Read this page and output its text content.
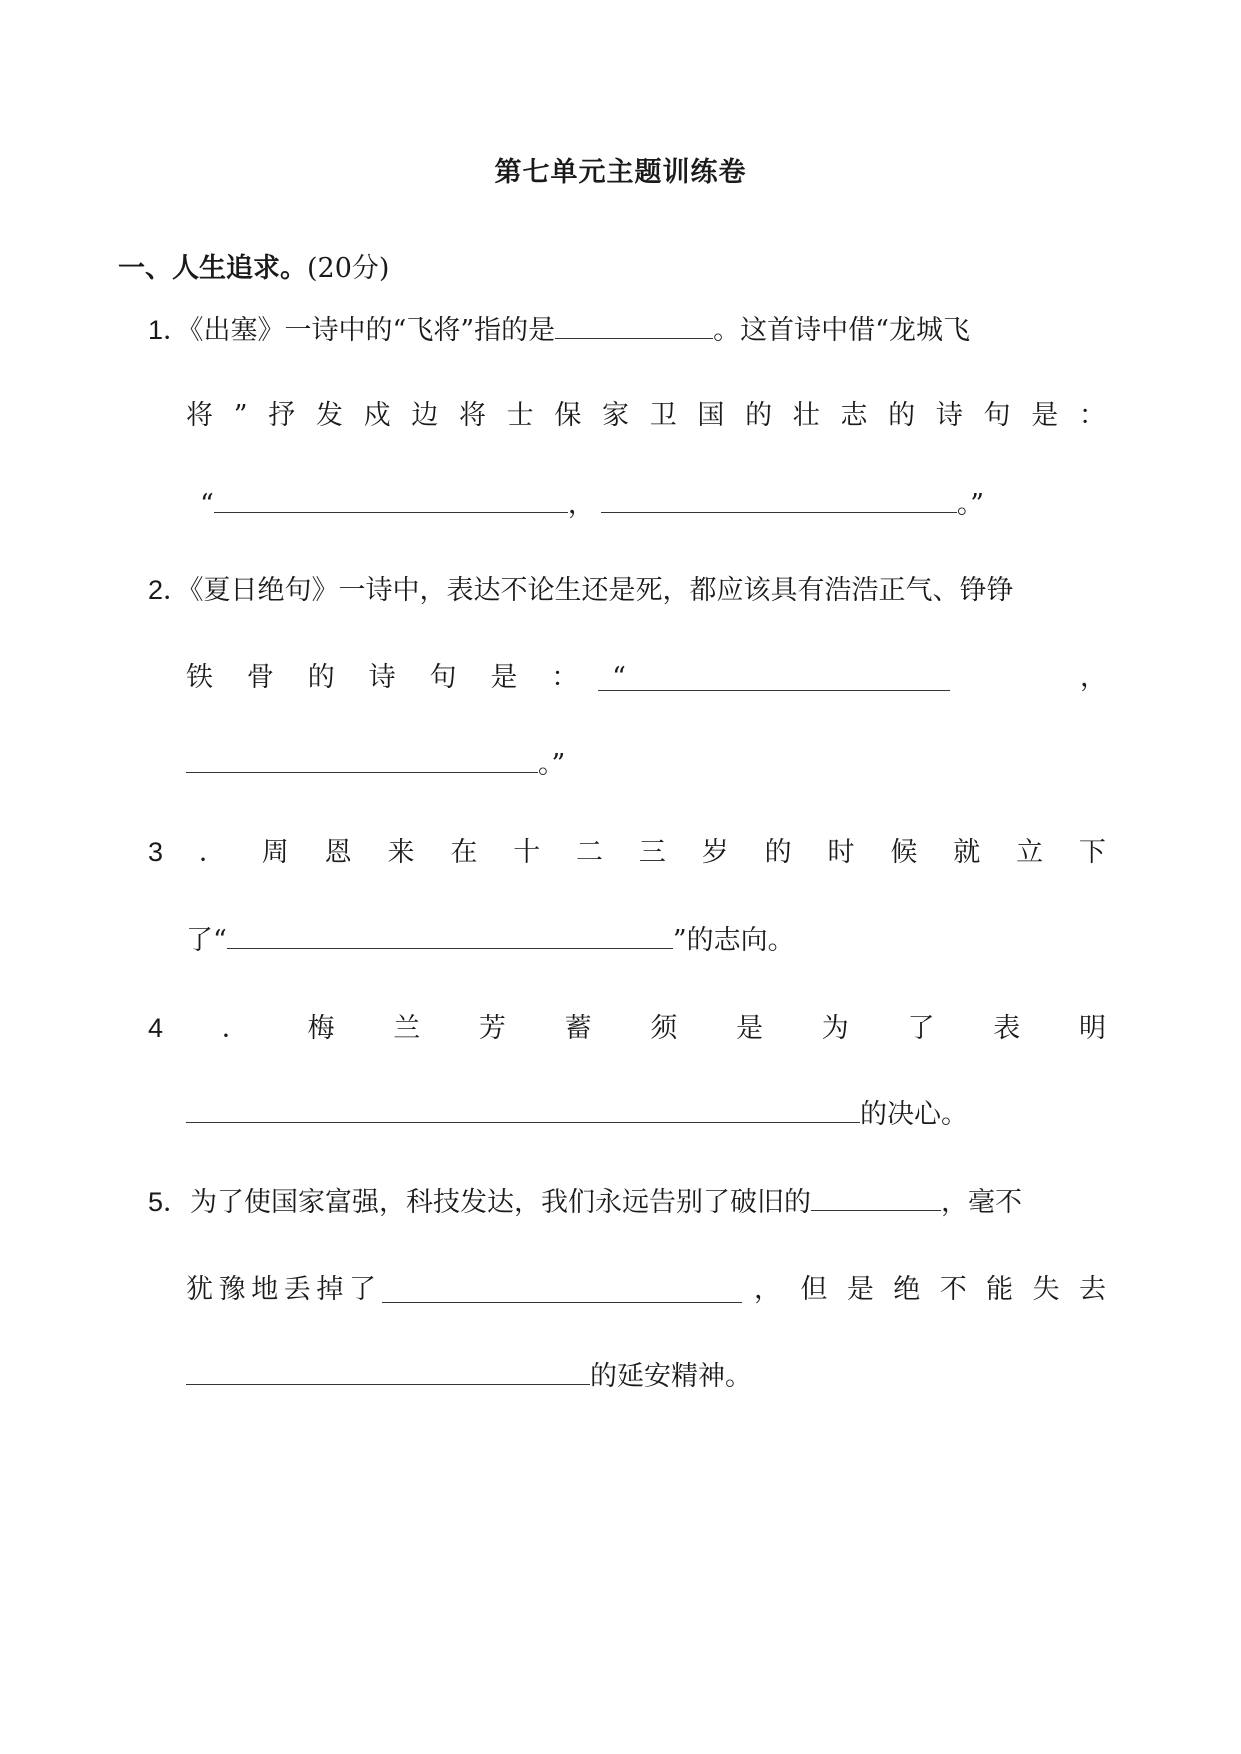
第七单元主题训练卷
一、人生追求。(20分)
1．《出塞》一诗中的“飞将”指的是	。这首诗中借“龙城飞
将 ” 抒 发 戍 边 将 士 保 家 卫 国 的 壮 志 的 诗 句 是 ：
“	，	。”
2．《夏日绝句》一诗中，表达不论生还是死，都应该具有浩浩正气、铮铮
铁 骨 的 诗 句 是 ： “	，
。”
3 ． 周 恩 来 在 十 二 三 岁 的 时 候 就 立 下
了“	”的志向。
4 ． 梅 兰 芳 蓄 须 是 为 了 表 明
的决心。
5．为了使国家富强，科技发达，我们永远告别了破旧的	，毫不
犹 豫 地 丢 掉 了	， 但 是 绝 不 能 失 去
的延安精神。
